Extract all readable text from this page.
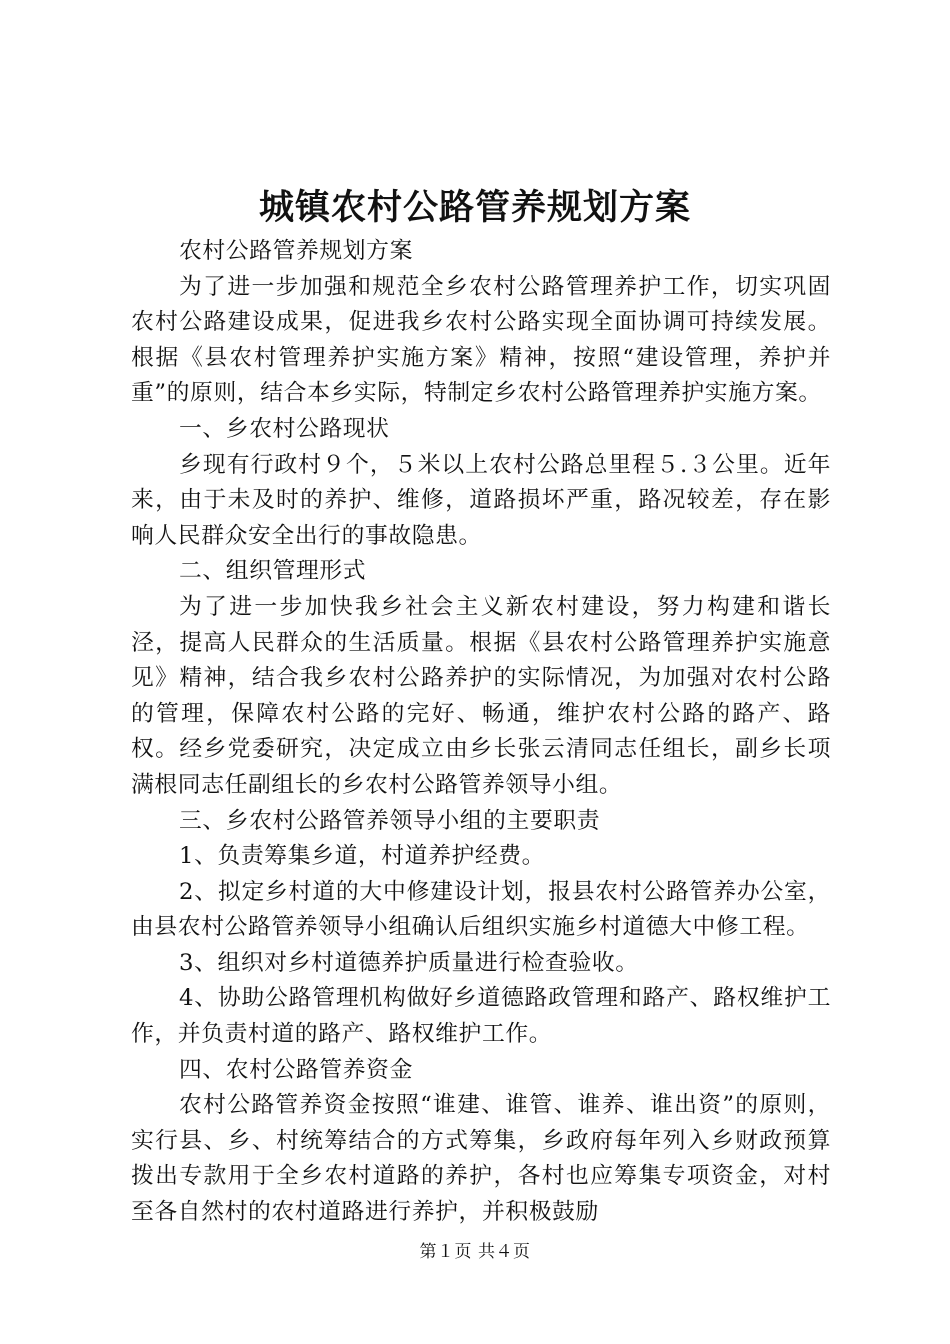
城镇农村公路管养规划方案

农村公路管养规划方案

为了进一步加强和规范全乡农村公路管理养护工作，切实巩固农村公路建设成果，促进我乡农村公路实现全面协调可持续发展。根据《县农村管理养护实施方案》精神，按照“建设管理，养护并重”的原则，结合本乡实际，特制定乡农村公路管理养护实施方案。

一、乡农村公路现状

乡现有行政村９个，５米以上农村公路总里程５.３公里。近年来，由于未及时的养护、维修，道路损坏严重，路况较差，存在影响人民群众安全出行的事故隐患。

二、组织管理形式

为了进一步加快我乡社会主义新农村建设，努力构建和谐长泾，提高人民群众的生活质量。根据《县农村公路管理养护实施意见》精神，结合我乡农村公路养护的实际情况，为加强对农村公路的管理，保障农村公路的完好、畅通，维护农村公路的路产、路权。经乡党委研究，决定成立由乡长张云清同志任组长，副乡长项满根同志任副组长的乡农村公路管养领导小组。

三、乡农村公路管养领导小组的主要职责

1、负责筹集乡道，村道养护经费。

2、拟定乡村道的大中修建设计划，报县农村公路管养办公室，由县农村公路管养领导小组确认后组织实施乡村道德大中修工程。

3、组织对乡村道德养护质量进行检查验收。

4、协助公路管理机构做好乡道德路政管理和路产、路权维护工作，并负责村道的路产、路权维护工作。

四、农村公路管养资金

农村公路管养资金按照“谁建、谁管、谁养、谁出资”的原则，实行县、乡、村统筹结合的方式筹集，乡政府每年列入乡财政预算拨出专款用于全乡农村道路的养护，各村也应筹集专项资金，对村至各自然村的农村道路进行养护，并积极鼓励

第１页 共４页
